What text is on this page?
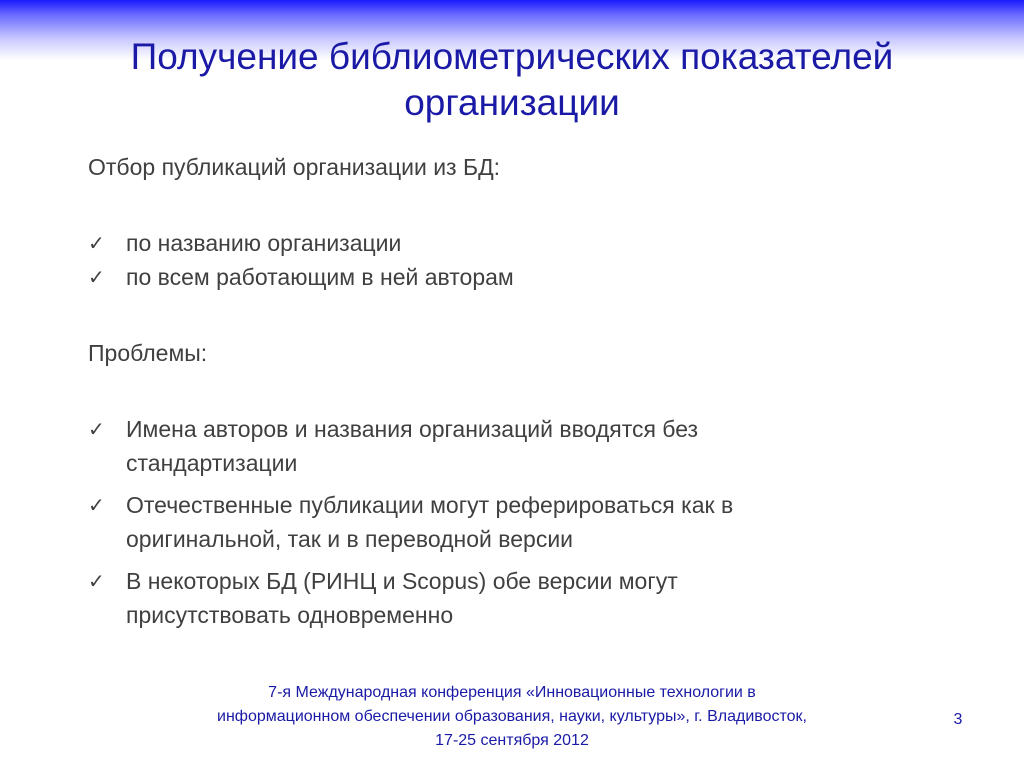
Получение библиометрических показателей
организации

Отбор публикаций организации из БД:

✓ по названию организации
✓ по всем работающим в ней авторам

Проблемы:

✓ Имена авторов и названия организаций вводятся без
стандартизации
✓ Отечественные публикации могут реферироваться как в
оригинальной, так и в переводной версии
✓ В некоторых БД (РИНЦ и Scopus) обе версии могут
присутствовать одновременно
7-я Международная конференция «Инновационные технологии в
информационном обеспечении образования, науки, культуры», г. Владивосток,
17-25 сентября 2012
3
